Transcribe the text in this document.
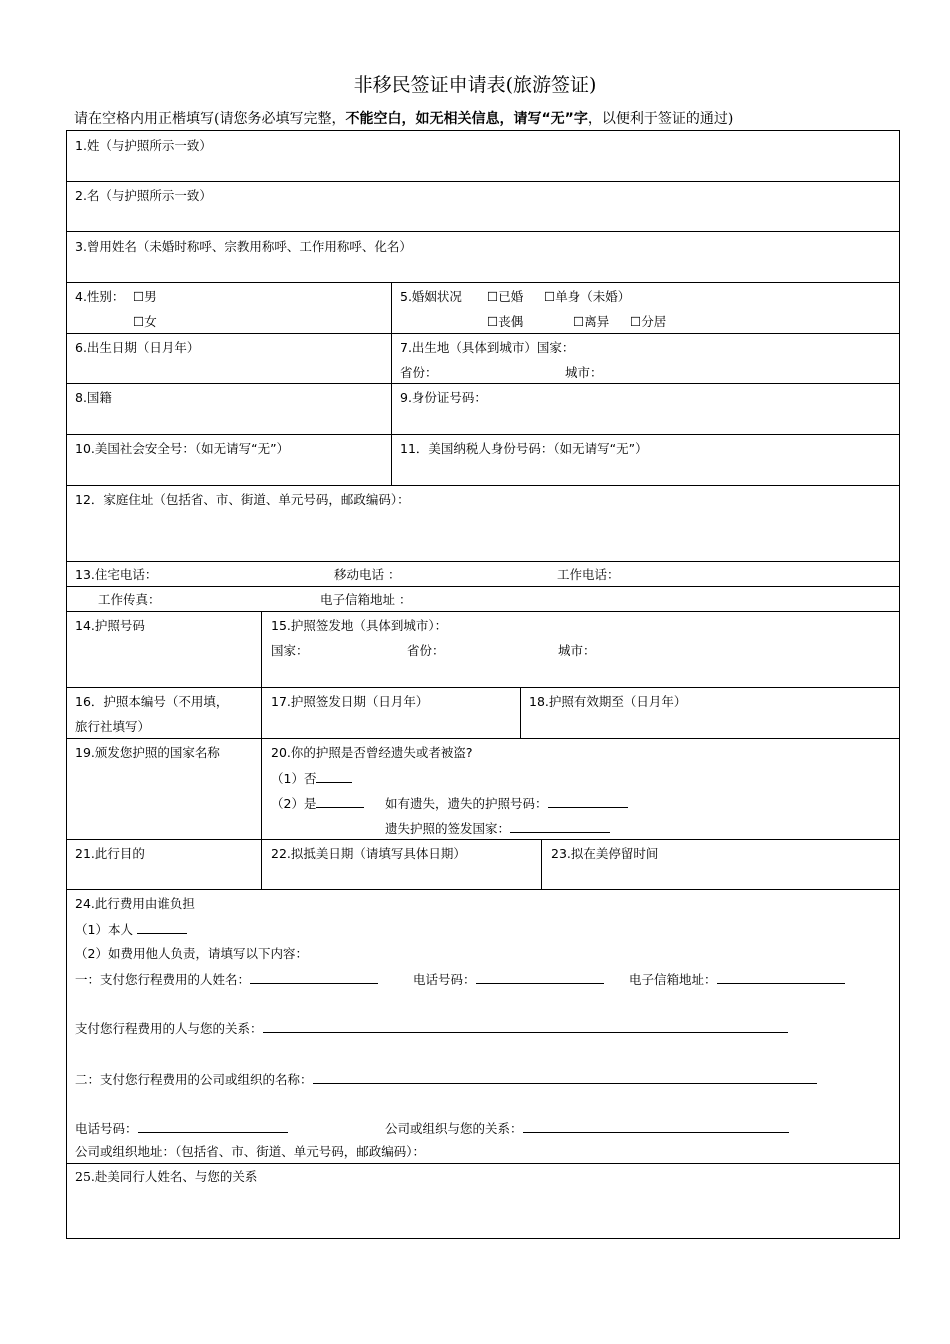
非移民签证申请表(旅游签证)
请在空格内用正楷填写(请您务必填写完整，不能空白，如无相关信息，请写“无”字，以便利于签证的通过)
1.姓（与护照所示一致）
2.名（与护照所示一致）
3.曾用姓名（未婚时称呼、宗教用称呼、工作用称呼、化名）
4.性别： ☐男
☐女
5.婚姻状况 ☐已婚 ☐单身（未婚）
☐丧偶	☐离异 ☐分居
6.出生日期（日月年）	7.出生地（具体到城市）国家：
省份：	城市：
8.国籍	9.身份证号码：
10.美国社会安全号：（如无请写“无”）	11．美国纳税人身份号码：（如无请写“无”）
12．家庭住址（包括省、市、街道、单元号码，邮政编码）：
13.住宅电话：	移动电话 ：	工作电话：
工作传真：	电子信箱地址 ：
14.护照号码	15.护照签发地（具体到城市）：
国家：	省份：	城市：
16．护照本编号（不用填，
旅行社填写）
17.护照签发日期（日月年）	18.护照有效期至（日月年）
19.颁发您护照的国家名称	20.你的护照是否曾经遗失或者被盗?
（1）否
（2）是	如有遗失，遗失的护照号码：
遗失护照的签发国家：
21.此行目的	22.拟抵美日期（请填写具体日期）	23.拟在美停留时间
24.此行费用由谁负担
（1）本人
（2）如费用他人负责，请填写以下内容：
一：支付您行程费用的人姓名：	电话号码：	电子信箱地址：
支付您行程费用的人与您的关系：
二：支付您行程费用的公司或组织的名称：
电话号码：	公司或组织与您的关系：
公司或组织地址：（包括省、市、街道、单元号码，邮政编码）：
25.赴美同行人姓名、与您的关系
